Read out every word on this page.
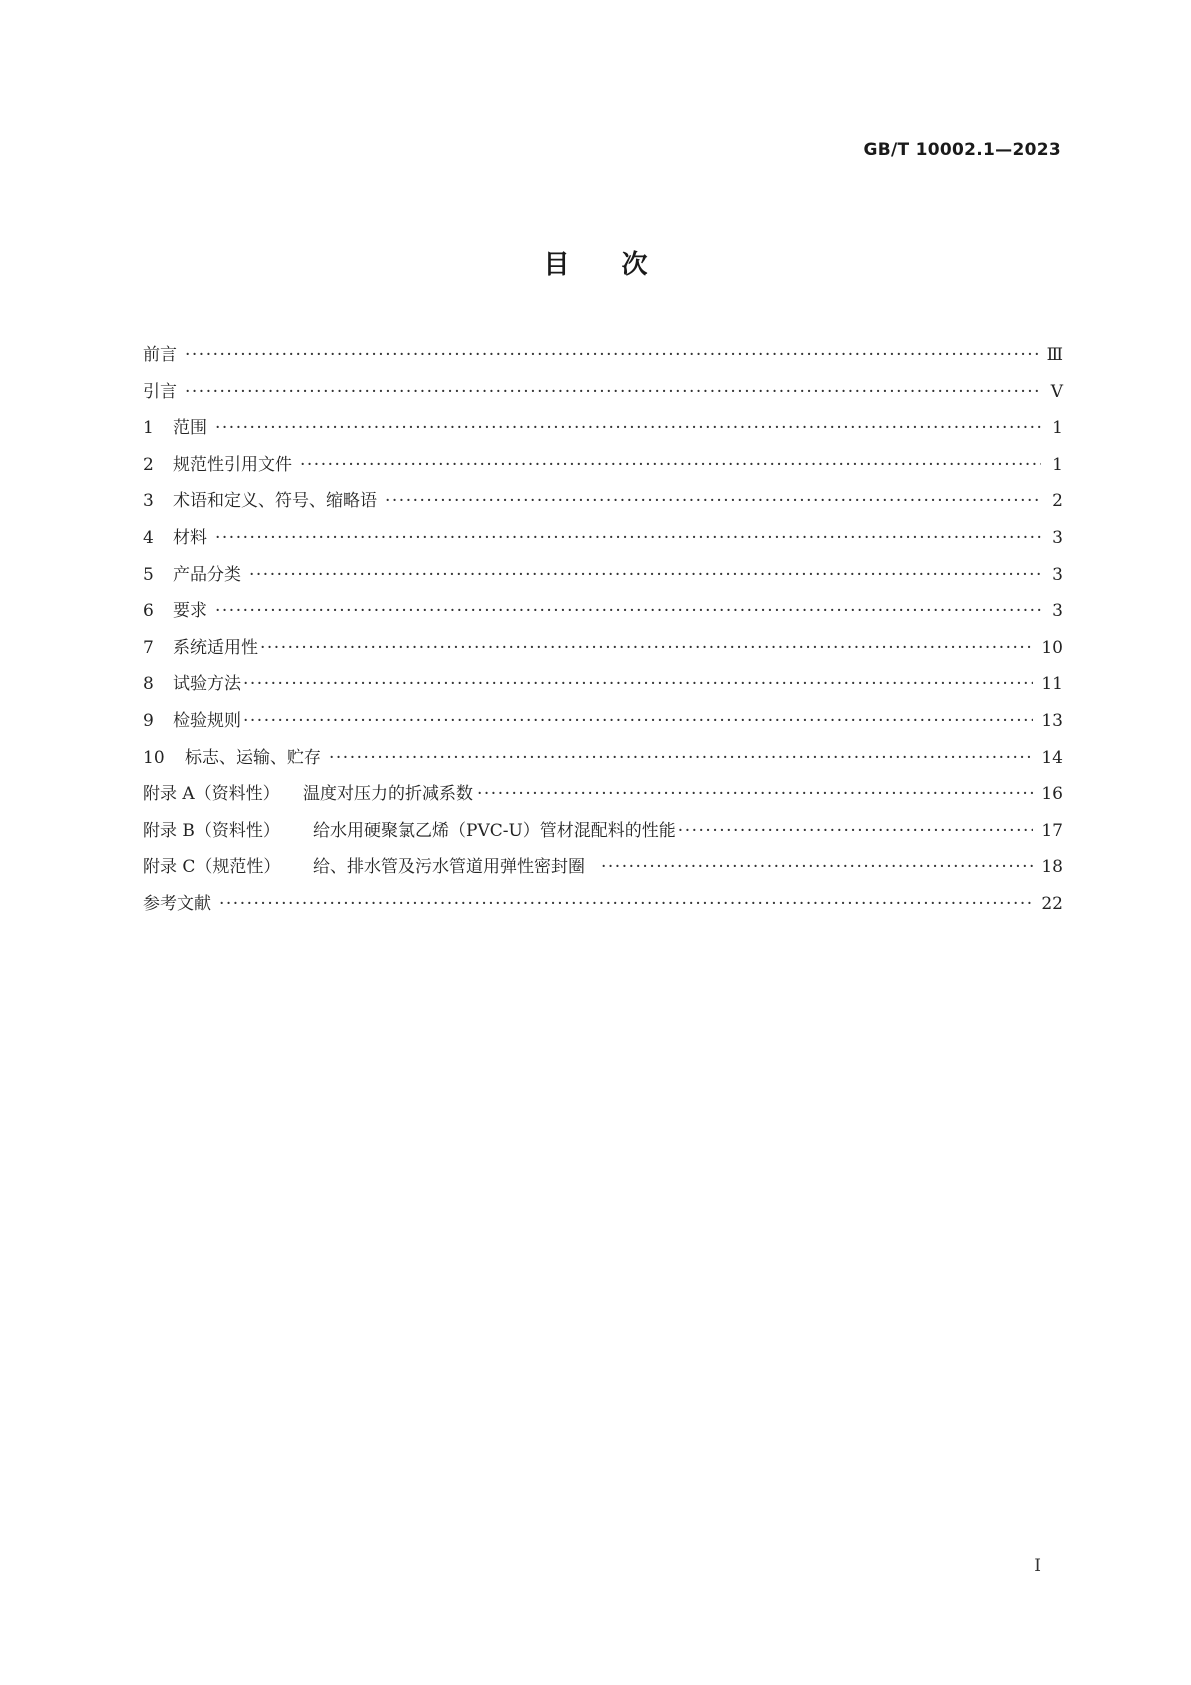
GB/T 10002.1—2023
目次
前言 ·····	Ⅲ
引言 ·····	Ⅴ
1	范围 ·····	1
2	规范性引用文件 ·····	1
3	术语和定义、符号、缩略语 ·····	2
4	材料 ·····	3
5	产品分类 ·····	3
6	要求 ·····	3
7	系统适用性 ·····	10
8	试验方法 ·····	11
9	检验规则 ·····	13
10	标志、运输、贮存 ·····	14
附录 A（资料性）	温度对压力的折减系数 ·····	16
附录 B（资料性）	给水用硬聚氯乙烯（PVC-U）管材混配料的性能 ·····	17
附录 C（规范性）	给、排水管及污水管道用弹性密封圈 ·····	18
参考文献 ·····	22
Ⅰ
